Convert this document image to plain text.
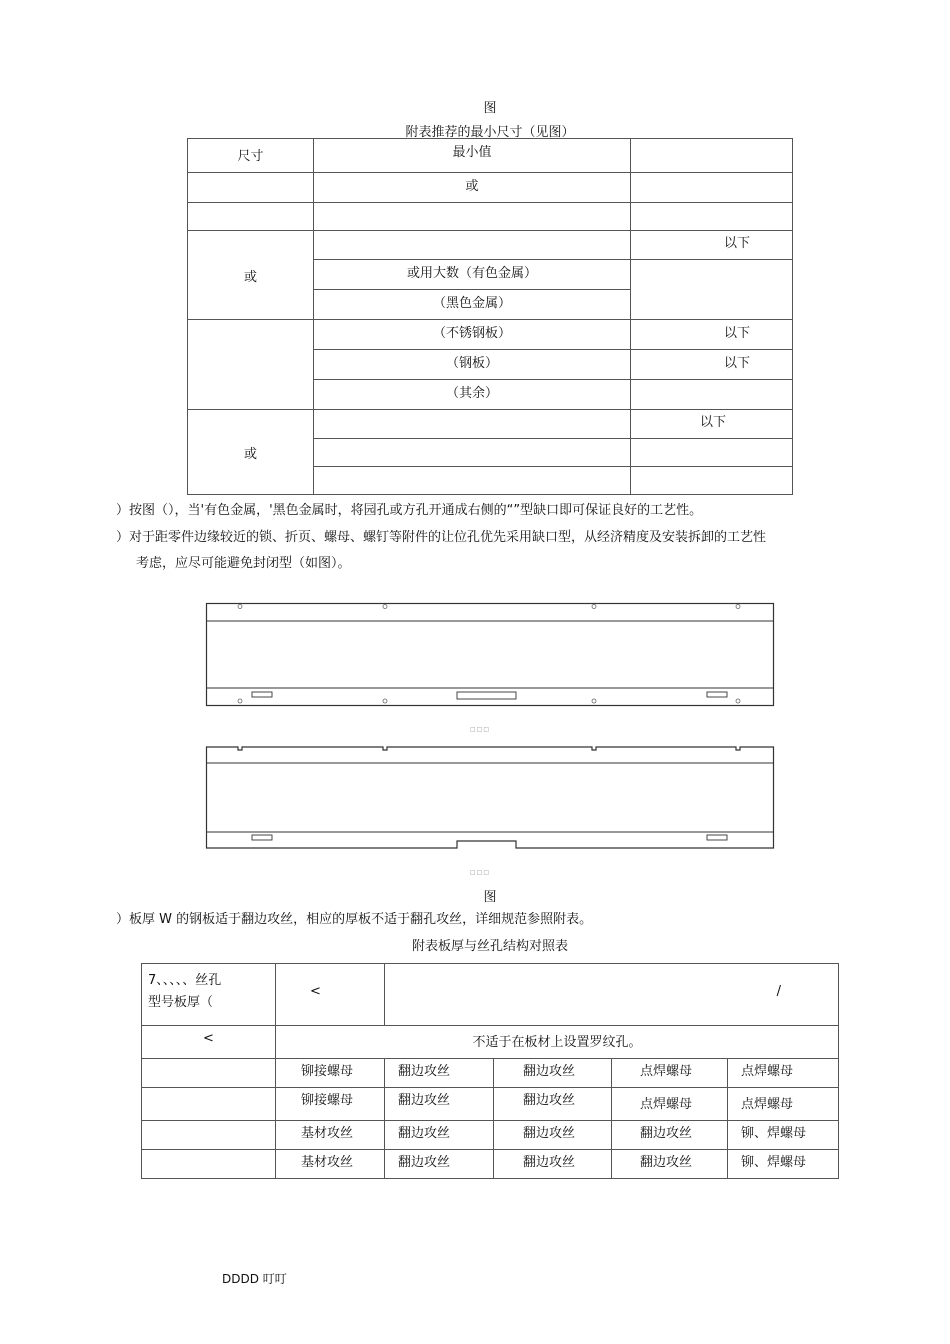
图
附表推荐的最小尺寸（见图）
尺寸	最小值	
	或	

或		以下
	或用大数（有色金属）	
	（黑色金属）	
	（不锈钢板）	以下
	（钢板）	以下
	（其余）	
或		以下

）按图（），当'有色金属，'黑色金属时，将园孔或方孔开通成右侧的“”型缺口即可保证良好的工艺性。
）对于距零件边缘较近的锁、折页、螺母、螺钉等附件的让位孔优先采用缺口型，从经济精度及安装拆卸的工艺性
考虑，应尽可能避免封闭型（如图）。
□□□
□□□
图
）板厚 W 的钢板适于翻边攻丝，相应的厚板不适于翻孔攻丝，详细规范参照附表。
附表板厚与丝孔结构对照表
7、、、、、丝孔
型号板厚（	<	/			
<	不适于在板材上设置罗纹孔。				
	铆接螺母	翻边攻丝	翻边攻丝	点焊螺母	点焊螺母
	铆接螺母	翻边攻丝	翻边攻丝	点焊螺母	点焊螺母
	基材攻丝	翻边攻丝	翻边攻丝	翻边攻丝	铆、焊螺母
	基材攻丝	翻边攻丝	翻边攻丝	翻边攻丝	铆、焊螺母
DDDD 叮叮
